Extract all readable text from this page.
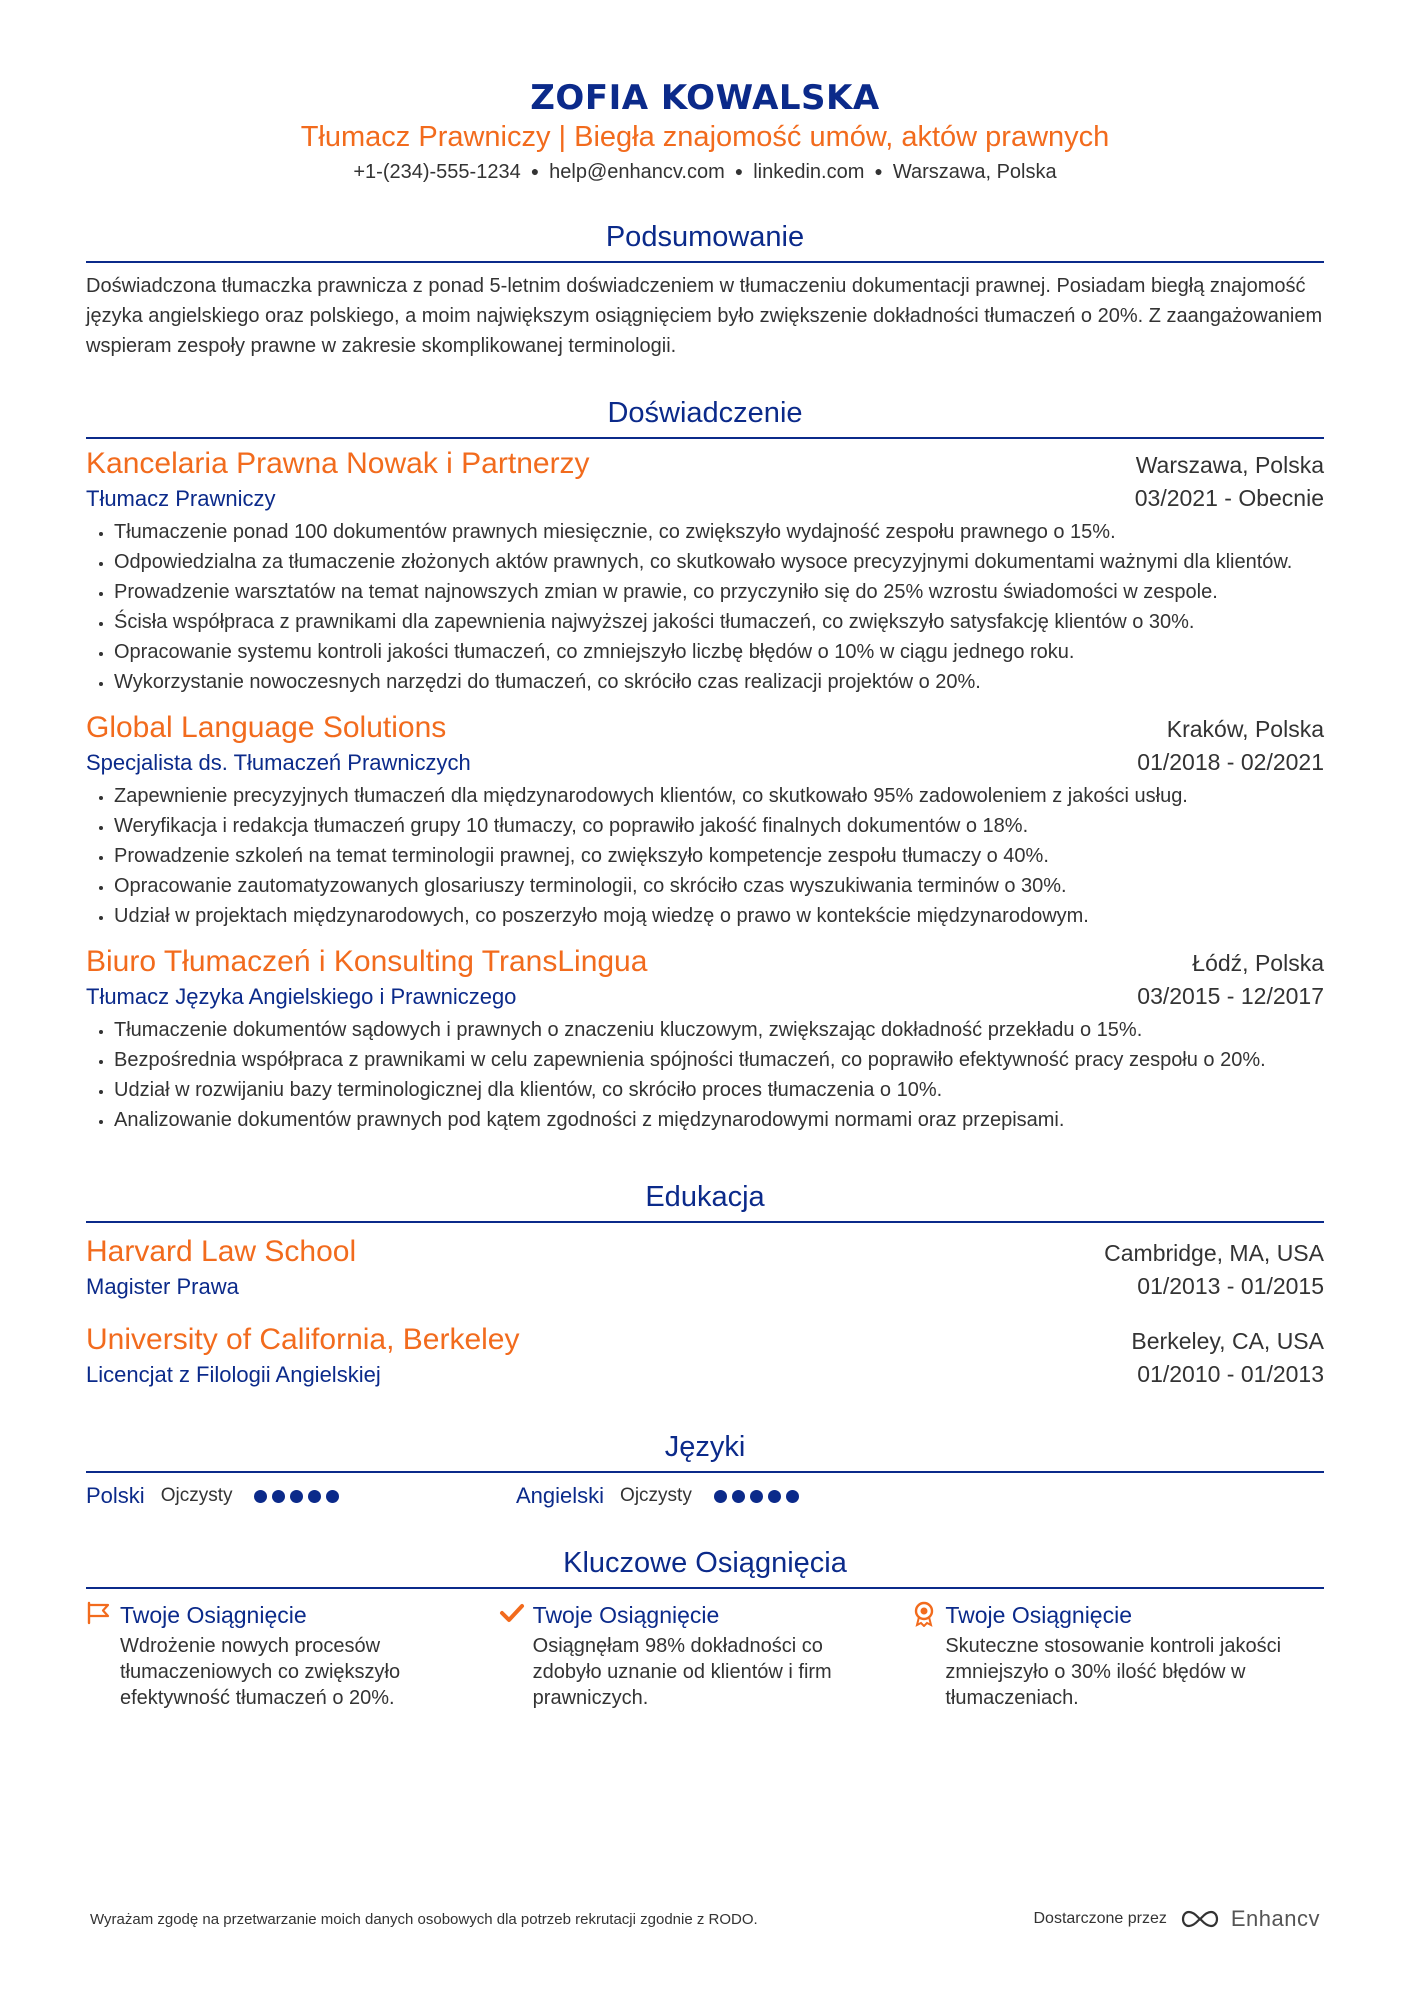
ZOFIA KOWALSKA
Tłumacz Prawniczy | Biegła znajomość umów, aktów prawnych
+1-(234)-555-1234 ● help@enhancv.com ● linkedin.com ● Warszawa, Polska
Podsumowanie
Doświadczona tłumaczka prawnicza z ponad 5-letnim doświadczeniem w tłumaczeniu dokumentacji prawnej. Posiadam biegłą znajomość języka angielskiego oraz polskiego, a moim największym osiągnięciem było zwiększenie dokładności tłumaczeń o 20%. Z zaangażowaniem wspieram zespoły prawne w zakresie skomplikowanej terminologii.
Doświadczenie
Kancelaria Prawna Nowak i Partnerzy	Warszawa, Polska
Tłumacz Prawniczy	03/2021 - Obecnie
• Tłumaczenie ponad 100 dokumentów prawnych miesięcznie, co zwiększyło wydajność zespołu prawnego o 15%.
• Odpowiedzialna za tłumaczenie złożonych aktów prawnych, co skutkowało wysoce precyzyjnymi dokumentami ważnymi dla klientów.
• Prowadzenie warsztatów na temat najnowszych zmian w prawie, co przyczyniło się do 25% wzrostu świadomości w zespole.
• Ścisła współpraca z prawnikami dla zapewnienia najwyższej jakości tłumaczeń, co zwiększyło satysfakcję klientów o 30%.
• Opracowanie systemu kontroli jakości tłumaczeń, co zmniejszyło liczbę błędów o 10% w ciągu jednego roku.
• Wykorzystanie nowoczesnych narzędzi do tłumaczeń, co skróciło czas realizacji projektów o 20%.
Global Language Solutions	Kraków, Polska
Specjalista ds. Tłumaczeń Prawniczych	01/2018 - 02/2021
• Zapewnienie precyzyjnych tłumaczeń dla międzynarodowych klientów, co skutkowało 95% zadowoleniem z jakości usług.
• Weryfikacja i redakcja tłumaczeń grupy 10 tłumaczy, co poprawiło jakość finalnych dokumentów o 18%.
• Prowadzenie szkoleń na temat terminologii prawnej, co zwiększyło kompetencje zespołu tłumaczy o 40%.
• Opracowanie zautomatyzowanych glosariuszy terminologii, co skróciło czas wyszukiwania terminów o 30%.
• Udział w projektach międzynarodowych, co poszerzyło moją wiedzę o prawo w kontekście międzynarodowym.
Biuro Tłumaczeń i Konsulting TransLingua	Łódź, Polska
Tłumacz Języka Angielskiego i Prawniczego	03/2015 - 12/2017
• Tłumaczenie dokumentów sądowych i prawnych o znaczeniu kluczowym, zwiększając dokładność przekładu o 15%.
• Bezpośrednia współpraca z prawnikami w celu zapewnienia spójności tłumaczeń, co poprawiło efektywność pracy zespołu o 20%.
• Udział w rozwijaniu bazy terminologicznej dla klientów, co skróciło proces tłumaczenia o 10%.
• Analizowanie dokumentów prawnych pod kątem zgodności z międzynarodowymi normami oraz przepisami.
Edukacja
Harvard Law School	Cambridge, MA, USA
Magister Prawa	01/2013 - 01/2015
University of California, Berkeley	Berkeley, CA, USA
Licencjat z Filologii Angielskiej	01/2010 - 01/2013
Języki
Polski Ojczysty	Angielski Ojczysty
Kluczowe Osiągnięcia
Twoje Osiągnięcie
Wdrożenie nowych procesów tłumaczeniowych co zwiększyło efektywność tłumaczeń o 20%.
Twoje Osiągnięcie
Osiągnęłam 98% dokładności co zdobyło uznanie od klientów i firm prawniczych.
Twoje Osiągnięcie
Skuteczne stosowanie kontroli jakości zmniejszyło o 30% ilość błędów w tłumaczeniach.
Wyrażam zgodę na przetwarzanie moich danych osobowych dla potrzeb rekrutacji zgodnie z RODO.	Dostarczone przez	Enhancv
